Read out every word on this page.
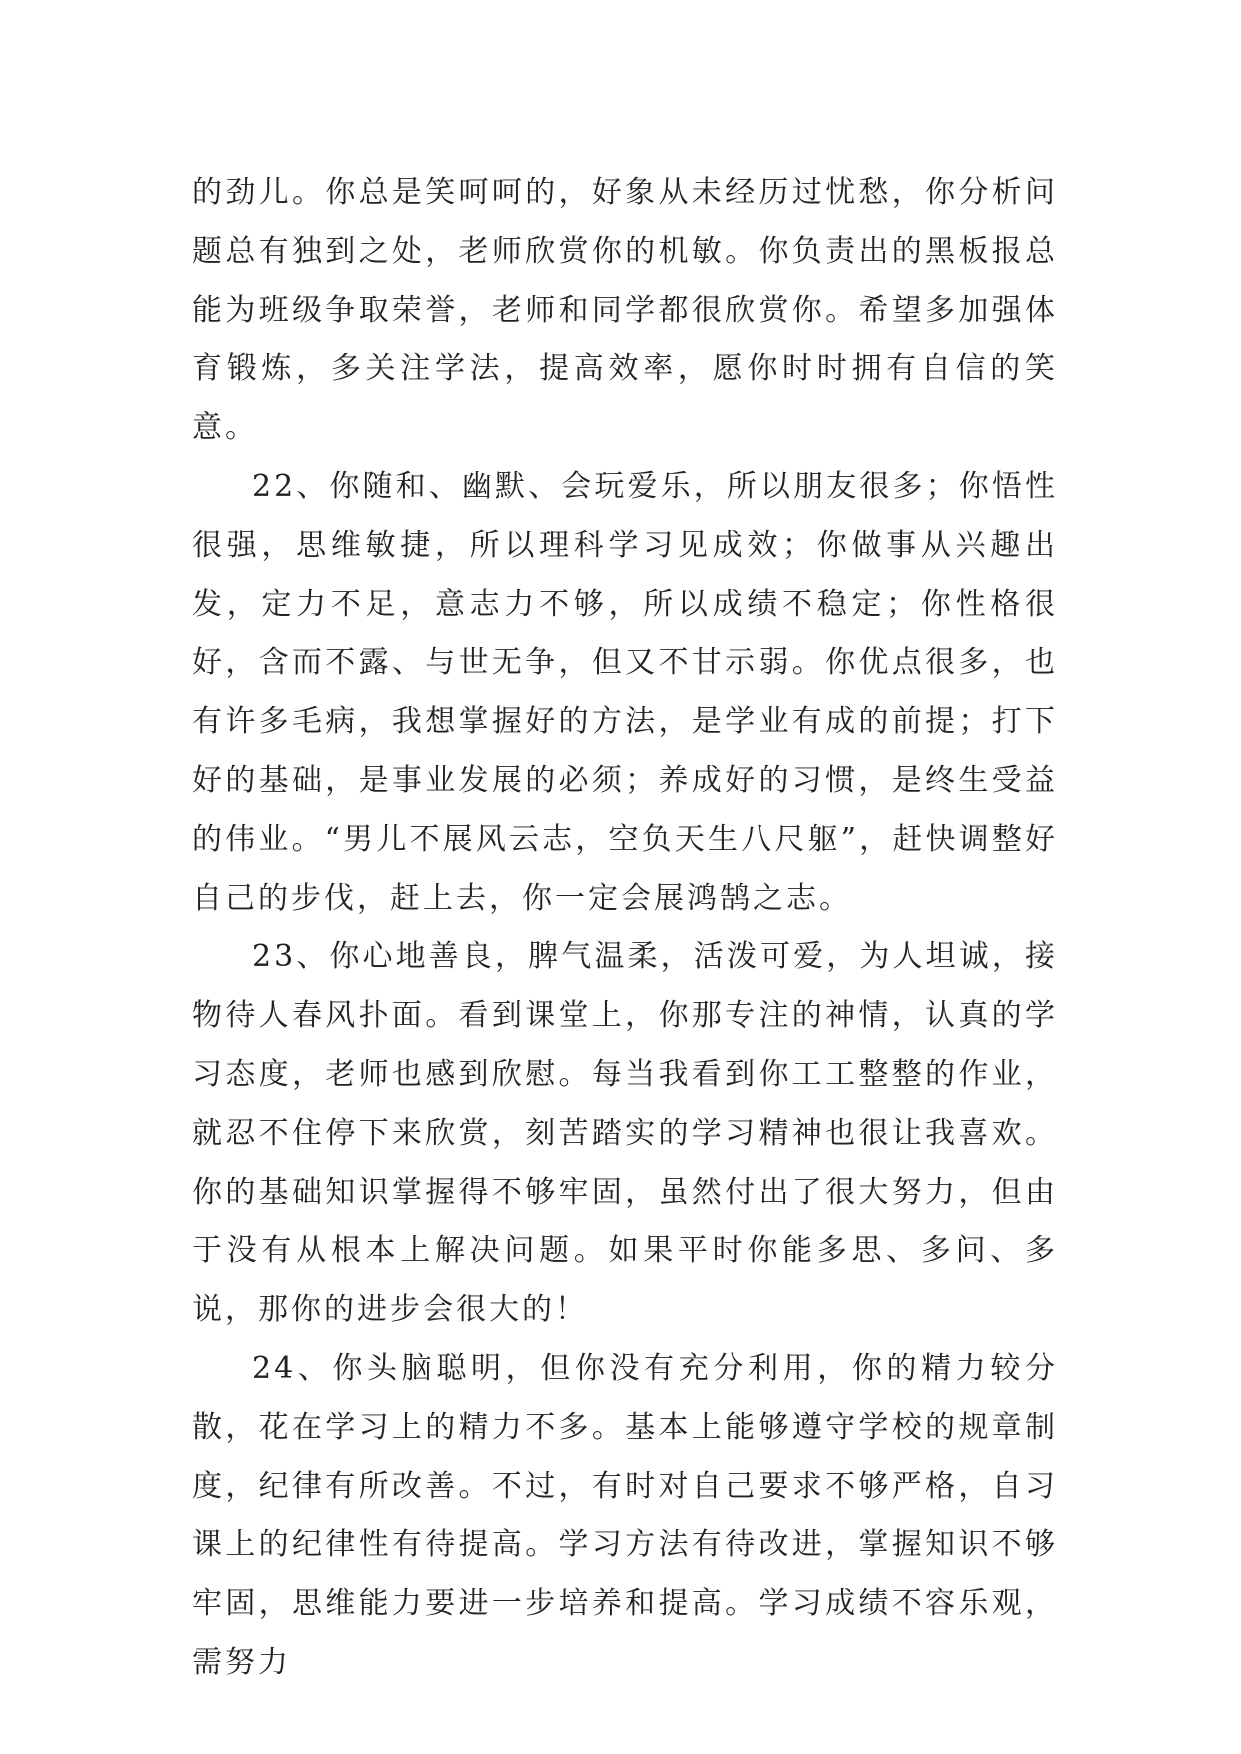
的劲儿。你总是笑呵呵的，好象从未经历过忧愁，你分析问题总有独到之处，老师欣赏你的机敏。你负责出的黑板报总能为班级争取荣誉，老师和同学都很欣赏你。希望多加强体育锻炼，多关注学法，提高效率，愿你时时拥有自信的笑意。

22、你随和、幽默、会玩爱乐，所以朋友很多；你悟性很强，思维敏捷，所以理科学习见成效；你做事从兴趣出发，定力不足，意志力不够，所以成绩不稳定；你性格很好，含而不露、与世无争，但又不甘示弱。你优点很多，也有许多毛病，我想掌握好的方法，是学业有成的前提；打下好的基础，是事业发展的必须；养成好的习惯，是终生受益的伟业。“男儿不展风云志，空负天生八尺躯”，赶快调整好自己的步伐，赶上去，你一定会展鸿鹄之志。

23、你心地善良，脾气温柔，活泼可爱，为人坦诚，接物待人春风扑面。看到课堂上，你那专注的神情，认真的学习态度，老师也感到欣慰。每当我看到你工工整整的作业，就忍不住停下来欣赏，刻苦踏实的学习精神也很让我喜欢。你的基础知识掌握得不够牢固，虽然付出了很大努力，但由于没有从根本上解决问题。如果平时你能多思、多问、多说，那你的进步会很大的！

24、你头脑聪明，但你没有充分利用，你的精力较分散，花在学习上的精力不多。基本上能够遵守学校的规章制度，纪律有所改善。不过，有时对自己要求不够严格，自习课上的纪律性有待提高。学习方法有待改进，掌握知识不够牢固，思维能力要进一步培养和提高。学习成绩不容乐观，需努力
